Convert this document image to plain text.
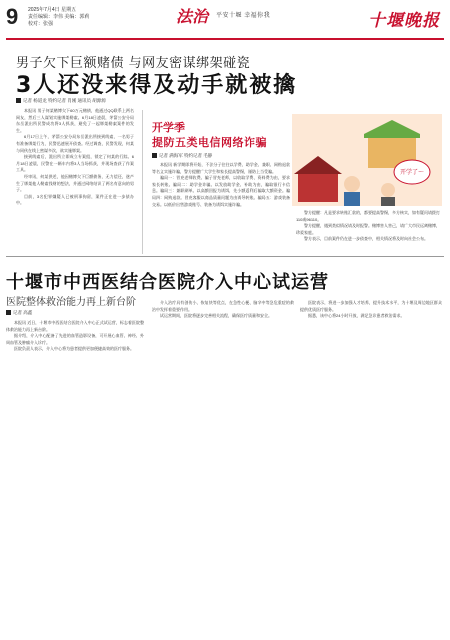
9 2025年7月4日 星期五
责任编辑：李伟 美编：郭莉
校对：张强	法治 平安十堰 幸福你我	十堰晚报
男子欠下巨额赌债 与网友密谋绑架碰瓷
3人还没来得及动手就被擒
记者 杨道龙 特约记者 肖刚 通讯员 胡源源

本报讯 男子何某赌博欠下60万元赌债，他通过QQ联系上两名网友，然后三人谋划实施绑架勒索。6月18日凌晨，茅箭公安分局东岳派出所民警成功将3人抓获，避免了一起绑架勒索案件的发生。

6月17日上午，茅箭公安分局东岳派出所接到线索，一名男子有准备绑架行为，民警迅速展开侦查。经过调查，民警发现，何某与同伙在线上密谋多次，欲实施绑架。

接到线索后，派出所立即成立专案组，锁定了何某的行踪。6月18日凌晨，民警在一辆车内将3人当场抓获，并现场查获了作案工具。

经审讯，何某供述，他因赌博欠下巨额债务，无力偿还，遂产生了绑架他人勒索钱财的想法，并通过网络结识了两名有意向的男子。

目前，3名犯罪嫌疑人已被刑事拘留，案件正在进一步侦办中。

开学季
提防五类电信网络诈骗
记者 满海军 特约记者 毛静
开学了～

本报讯 新学期即将开始，不法分子往往以学费、助学金、兼职、网购退款等名义实施诈骗，警方提醒广大学生和家长提高警惕，谨防上当受骗。

骗局一：冒充老师收费。骗子冒充老师，以收取学费、资料费为由，要求家长转账。骗局二：助学金诈骗。以发放助学金、补助为由，骗取银行卡信息。骗局三：兼职刷单。以高额回报为诱饵，先小额返利后骗取大额资金。骗局四：网购退款。冒充客服以商品质量问题为由诱导转账。骗局五：游戏装备交易。以低价出售游戏账号、装备为诱饵实施诈骗。

警方提醒：凡是要求转账汇款的，都要提高警惕，多方核实，如有疑问请拨打110或96110。

警方提醒，遇到类似情况请及时报警。赌博害人害己，请广大市民远离赌博，珍爱家庭。

警方表示，目前案件仍在进一步侦查中，相关情况将及时向社会公布。

十堰市中西医结合医院介入中心试运营
医院整体救治能力再上新台阶
记者 高鑫

本报讯 近日，十堰市中西医结合医院介入中心正式试运营，标志着医院整体救治能力再上新台阶。

据介绍，介入中心配备了先进的血管造影设备，可开展心血管、神经、外周血管及肿瘤介入诊疗。

医院负责人表示，介入中心将为患者提供更加便捷高效的医疗服务。

介入治疗具有创伤小、恢复快等优点，在急性心梗、脑卒中等急危重症的救治中发挥着重要作用。

试运营期间，医院将逐步完善相关流程，确保医疗质量和安全。

医院表示，将进一步加强人才培养，提升技术水平，为十堰及周边地区群众提供优质医疗服务。

据悉，该中心将24小时开放，满足急诊患者救治需求。
